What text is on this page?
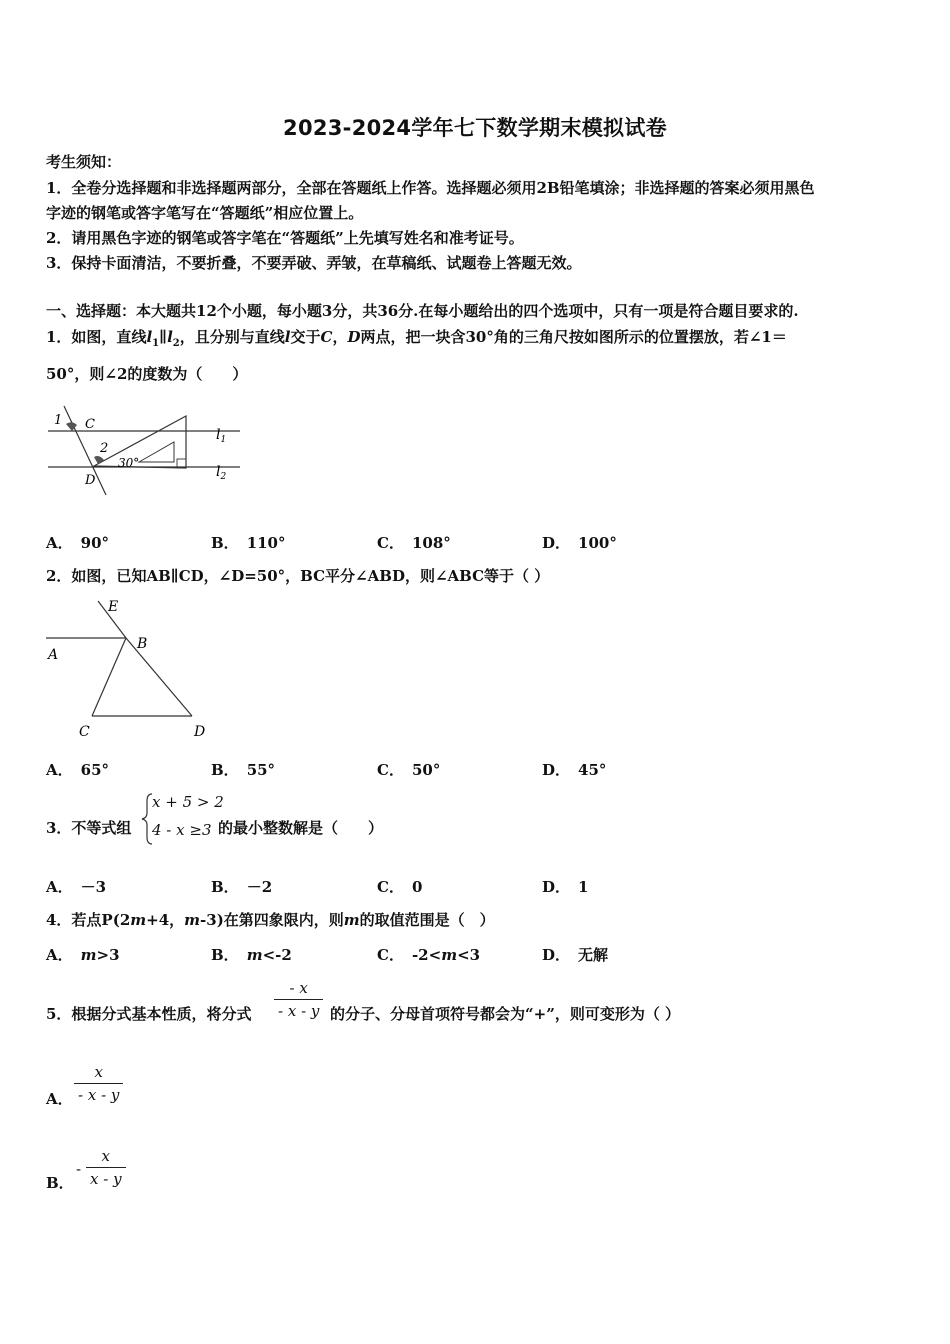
2023-2024学年七下数学期末模拟试卷
考生须知：
1．全卷分选择题和非选择题两部分，全部在答题纸上作答。选择题必须用2B铅笔填涂；非选择题的答案必须用黑色
字迹的钢笔或答字笔写在“答题纸”相应位置上。
2．请用黑色字迹的钢笔或答字笔在“答题纸”上先填写姓名和准考证号。
3．保持卡面清洁，不要折叠，不要弄破、弄皱，在草稿纸、试题卷上答题无效。
一、选择题：本大题共12个小题，每小题3分，共36分.在每小题给出的四个选项中，只有一项是符合题目要求的.
1．如图，直线$l_1\parallel l_2$，且分别与直线l交于C，D两点，把一块含30°角的三角尺按如图所示的位置摆放，若∠1＝
50°，则∠2的度数为（　　）
1 C
2
30°
D
$l_1$
$l_2$
A． 90°	B． 110°	C． 108°	D． 100°
2．如图，已知AB∥CD，∠D=50°，BC平分∠ABD，则∠ABC等于（ ）
E
B
A
C	D
A． 65°	B． 55°	C． 50°	D． 45°
3．不等式组
x + 5 > 2
4 - x ≥3 的最小整数解是（　　）
A． －3	B． －2	C． 0	D． 1
4．若点P(2m+4，m-3)在第四象限内，则m的取值范围是（　）
A． m>3	B． m<-2	C． -2<m<3	D． 无解
5．根据分式基本性质，将分式 $\frac{- x}{- x - y}$ 的分子、分母首项符号都会为“+”，则可变形为（ ）
A． $\frac{x}{- x - y}$
B．
- $\frac{x}{x - y}$
